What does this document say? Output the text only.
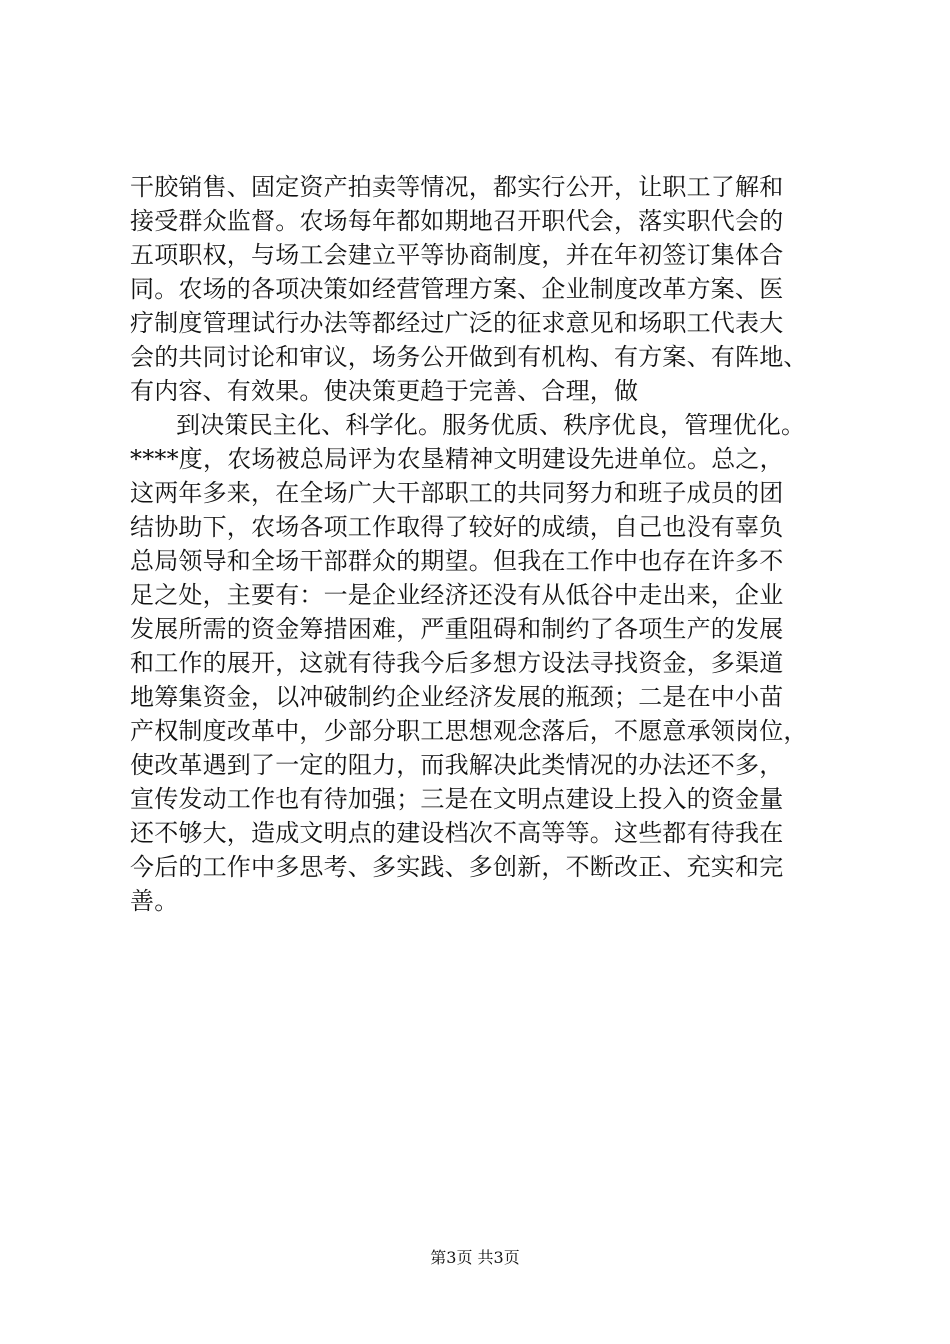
干胶销售、固定资产拍卖等情况，都实行公开，让职工了解和
接受群众监督。农场每年都如期地召开职代会，落实职代会的
五项职权，与场工会建立平等协商制度，并在年初签订集体合
同。农场的各项决策如经营管理方案、企业制度改革方案、医
疗制度管理试行办法等都经过广泛的征求意见和场职工代表大
会的共同讨论和审议，场务公开做到有机构、有方案、有阵地、
有内容、有效果。使决策更趋于完善、合理，做
到决策民主化、科学化。服务优质、秩序优良，管理优化。
****度，农场被总局评为农垦精神文明建设先进单位。总之，
这两年多来，在全场广大干部职工的共同努力和班子成员的团
结协助下，农场各项工作取得了较好的成绩，自己也没有辜负
总局领导和全场干部群众的期望。但我在工作中也存在许多不
足之处，主要有：一是企业经济还没有从低谷中走出来，企业
发展所需的资金筹措困难，严重阻碍和制约了各项生产的发展
和工作的展开，这就有待我今后多想方设法寻找资金，多渠道
地筹集资金，以冲破制约企业经济发展的瓶颈；二是在中小苗
产权制度改革中，少部分职工思想观念落后，不愿意承领岗位，
使改革遇到了一定的阻力，而我解决此类情况的办法还不多，
宣传发动工作也有待加强；三是在文明点建设上投入的资金量
还不够大，造成文明点的建设档次不高等等。这些都有待我在
今后的工作中多思考、多实践、多创新，不断改正、充实和完
善。
第3页 共3页
